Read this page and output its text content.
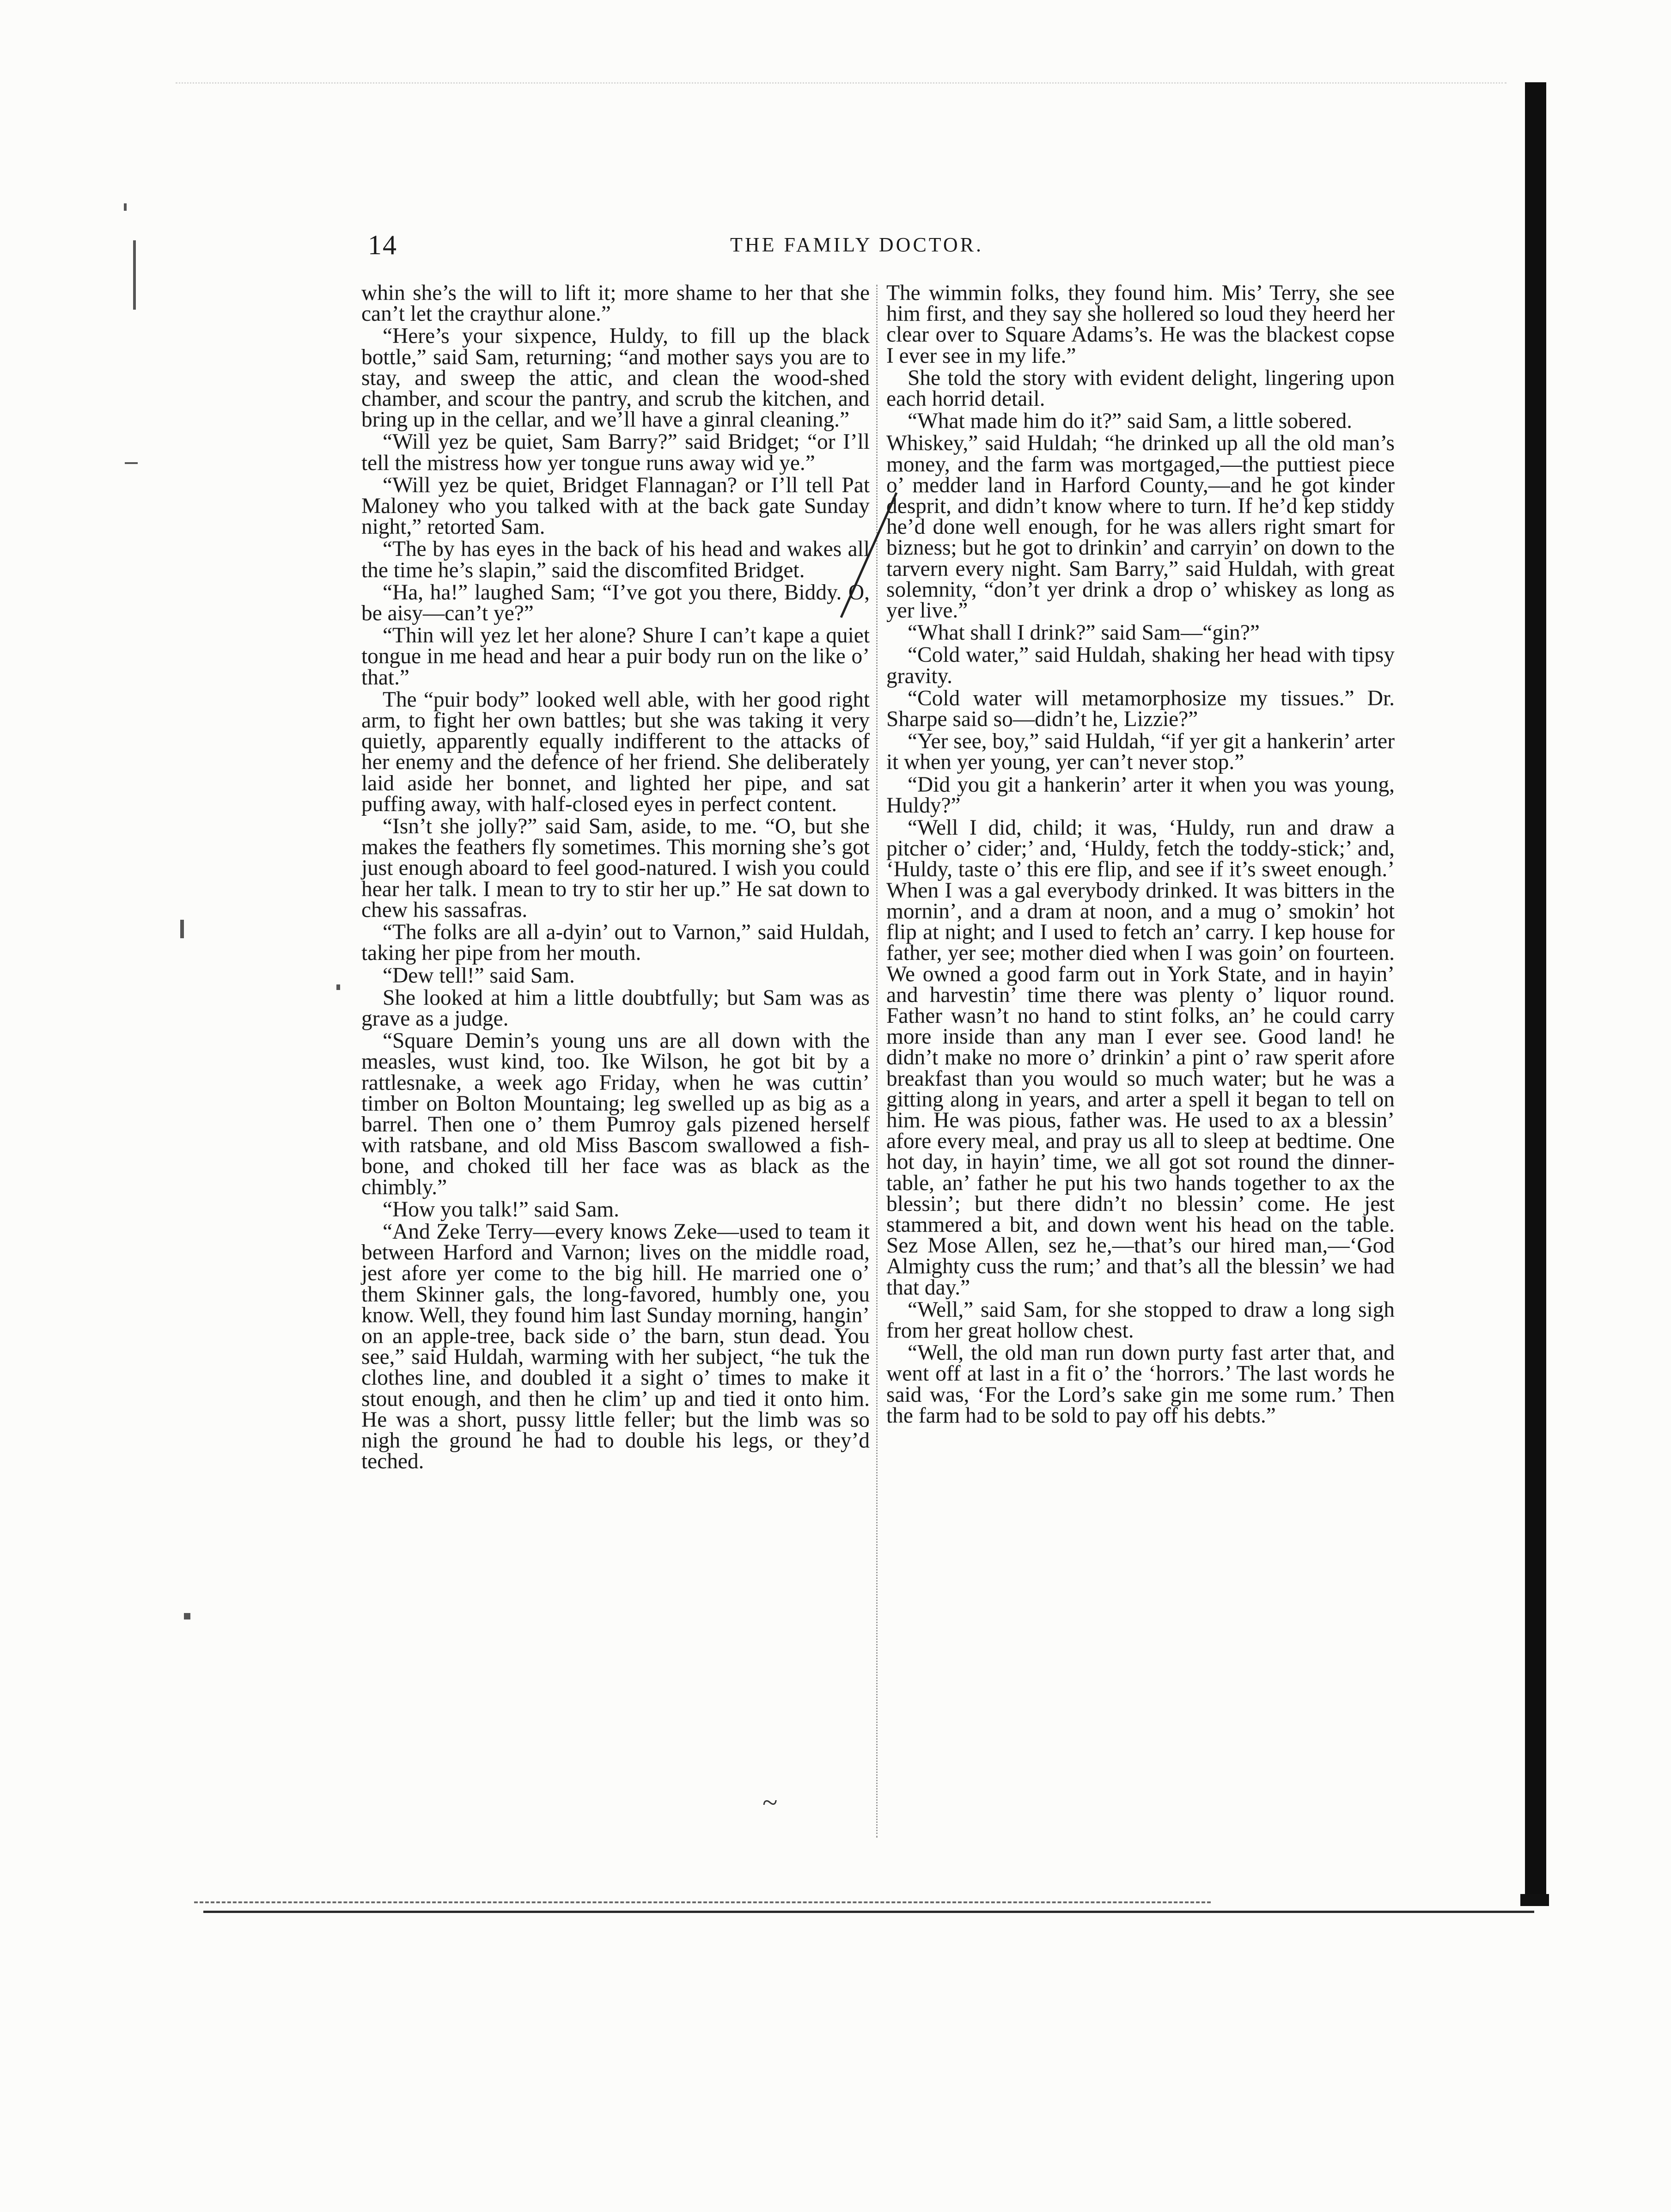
14	THE FAMILY DOCTOR.

whin she’s the will to lift it; more shame to her that she can’t let the craythur alone.”

“Here’s your sixpence, Huldy, to fill up the black bottle,” said Sam, returning; “and mother says you are to stay, and sweep the attic, and clean the wood-shed chamber, and scour the pantry, and scrub the kitchen, and bring up in the cellar, and we’ll have a ginral cleaning.”

“Will yez be quiet, Sam Barry?” said Bridget; “or I’ll tell the mistress how yer tongue runs away wid ye.”

“Will yez be quiet, Bridget Flannagan? or I’ll tell Pat Maloney who you talked with at the back gate Sunday night,” retorted Sam.

“The by has eyes in the back of his head and wakes all the time he’s slapin,” said the discomfited Bridget.

“Ha, ha!” laughed Sam; “I’ve got you there, Biddy. O, be aisy—can’t ye?”

“Thin will yez let her alone? Shure I can’t kape a quiet tongue in me head and hear a puir body run on the like o’ that.”

The “puir body” looked well able, with her good right arm, to fight her own battles; but she was taking it very quietly, apparently equally indifferent to the attacks of her enemy and the defence of her friend. She deliberately laid aside her bonnet, and lighted her pipe, and sat puffing away, with half-closed eyes in perfect content.

“Isn’t she jolly?” said Sam, aside, to me. “O, but she makes the feathers fly sometimes. This morning she’s got just enough aboard to feel good-natured. I wish you could hear her talk. I mean to try to stir her up.” He sat down to chew his sassafras.

“The folks are all a-dyin’ out to Varnon,” said Huldah, taking her pipe from her mouth.

“Dew tell!” said Sam.

She looked at him a little doubtfully; but Sam was as grave as a judge.

“Square Demin’s young uns are all down with the measles, wust kind, too. Ike Wilson, he got bit by a rattlesnake, a week ago Friday, when he was cuttin’ timber on Bolton Mountaing; leg swelled up as big as a barrel. Then one o’ them Pumroy gals pizened herself with ratsbane, and old Miss Bascom swallowed a fish-bone, and choked till her face was as black as the chimbly.”

“How you talk!” said Sam.

“And Zeke Terry—every knows Zeke—used to team it between Harford and Varnon; lives on the middle road, jest afore yer come to the big hill. He married one o’ them Skinner gals, the long-favored, humbly one, you know. Well, they found him last Sunday morning, hangin’ on an apple-tree, back side o’ the barn, stun dead. You see,” said Huldah, warming with her subject, “he tuk the clothes line, and doubled it a sight o’ times to make it stout enough, and then he clim’ up and tied it onto him. He was a short, pussy little feller; but the limb was so nigh the ground he had to double his legs, or they’d teched.

The wimmin folks, they found him. Mis’ Terry, she see him first, and they say she hollered so loud they heerd her clear over to Square Adams’s. He was the blackest copse I ever see in my life.”

She told the story with evident delight, lingering upon each horrid detail.

“What made him do it?” said Sam, a little sobered.

Whiskey,” said Huldah; “he drinked up all the old man’s money, and the farm was mortgaged,—the puttiest piece o’ medder land in Harford County,—and he got kinder desprit, and didn’t know where to turn. If he’d kep stiddy he’d done well enough, for he was allers right smart for bizness; but he got to drinkin’ and carryin’ on down to the tarvern every night. Sam Barry,” said Huldah, with great solemnity, “don’t yer drink a drop o’ whiskey as long as yer live.”

“What shall I drink?” said Sam—“gin?”

“Cold water,” said Huldah, shaking her head with tipsy gravity.

“Cold water will metamorphosize my tissues.” Dr. Sharpe said so—didn’t he, Lizzie?”

“Yer see, boy,” said Huldah, “if yer git a hankerin’ arter it when yer young, yer can’t never stop.”

“Did you git a hankerin’ arter it when you was young, Huldy?”

“Well I did, child; it was, ‘Huldy, run and draw a pitcher o’ cider;’ and, ‘Huldy, fetch the toddy-stick;’ and, ‘Huldy, taste o’ this ere flip, and see if it’s sweet enough.’ When I was a gal everybody drinked. It was bitters in the mornin’, and a dram at noon, and a mug o’ smokin’ hot flip at night; and I used to fetch an’ carry. I kep house for father, yer see; mother died when I was goin’ on fourteen. We owned a good farm out in York State, and in hayin’ and harvestin’ time there was plenty o’ liquor round. Father wasn’t no hand to stint folks, an’ he could carry more inside than any man I ever see. Good land! he didn’t make no more o’ drinkin’ a pint o’ raw sperit afore breakfast than you would so much water; but he was a gitting along in years, and arter a spell it began to tell on him. He was pious, father was. He used to ax a blessin’ afore every meal, and pray us all to sleep at bedtime. One hot day, in hayin’ time, we all got sot round the dinner-table, an’ father he put his two hands together to ax the blessin’; but there didn’t no blessin’ come. He jest stammered a bit, and down went his head on the table. Sez Mose Allen, sez he,—that’s our hired man,—‘God Almighty cuss the rum;’ and that’s all the blessin’ we had that day.”

“Well,” said Sam, for she stopped to draw a long sigh from her great hollow chest.

“Well, the old man run down purty fast arter that, and went off at last in a fit o’ the ‘horrors.’ The last words he said was, ‘For the Lord’s sake gin me some rum.’ Then the farm had to be sold to pay off his debts.”

~
